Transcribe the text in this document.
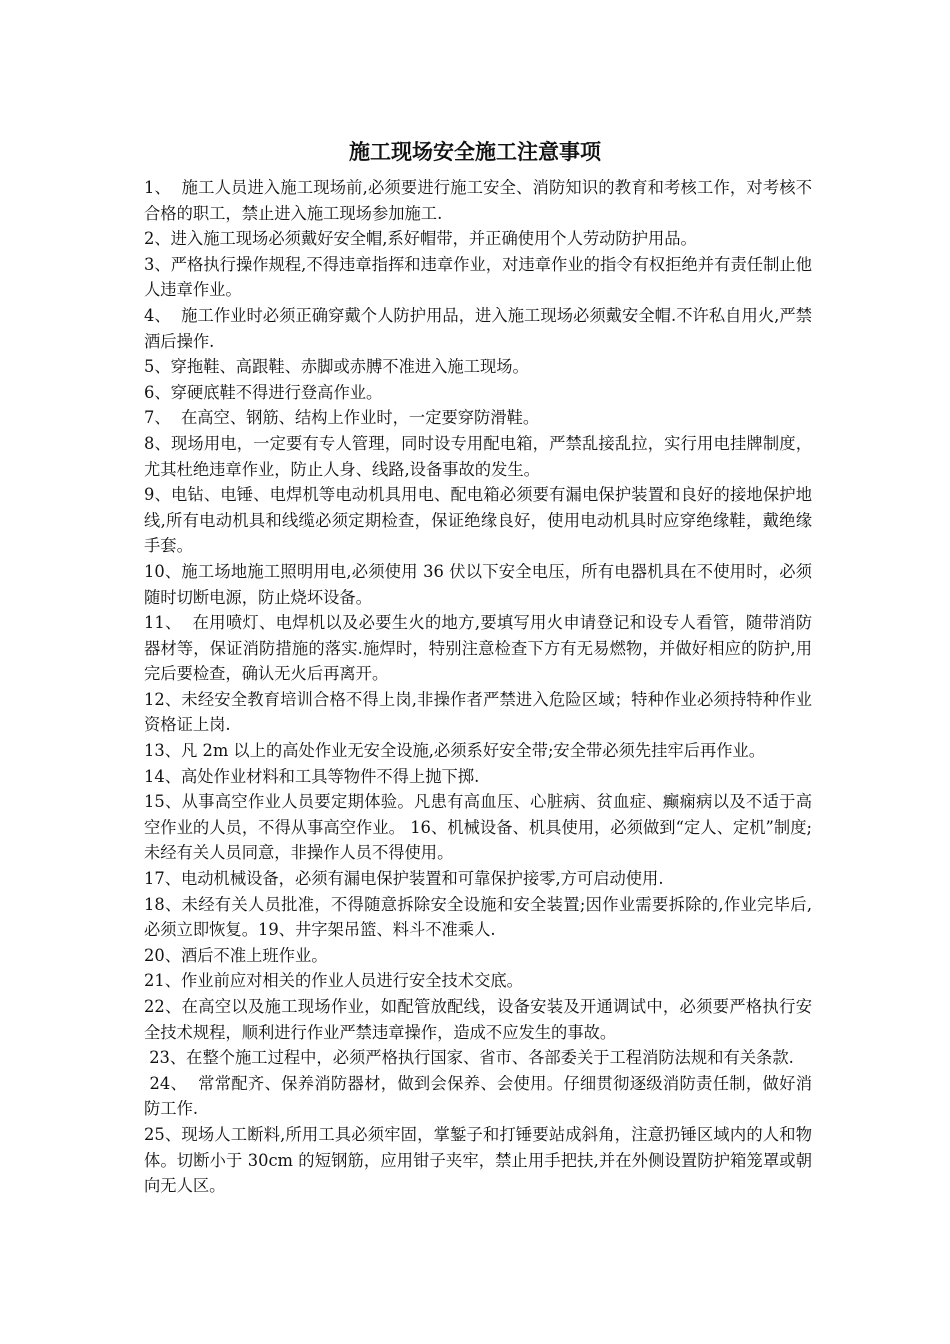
施工现场安全施工注意事项

1、  施工人员进入施工现场前,必须要进行施工安全、消防知识的教育和考核工作，对考核不合格的职工，禁止进入施工现场参加施工.

2、进入施工现场必须戴好安全帽,系好帽带，并正确使用个人劳动防护用品。

3、严格执行操作规程,不得违章指挥和违章作业，对违章作业的指令有权拒绝并有责任制止他人违章作业。

4、  施工作业时必须正确穿戴个人防护用品，进入施工现场必须戴安全帽.不许私自用火,严禁酒后操作.

5、穿拖鞋、高跟鞋、赤脚或赤膊不准进入施工现场。

6、穿硬底鞋不得进行登高作业。

7、  在高空、钢筋、结构上作业时，一定要穿防滑鞋。

8、现场用电，一定要有专人管理，同时设专用配电箱，严禁乱接乱拉，实行用电挂牌制度，尤其杜绝违章作业，防止人身、线路,设备事故的发生。

9、电钻、电锤、电焊机等电动机具用电、配电箱必须要有漏电保护装置和良好的接地保护地线,所有电动机具和线缆必须定期检查，保证绝缘良好，使用电动机具时应穿绝缘鞋，戴绝缘手套。

10、施工场地施工照明用电,必须使用 36 伏以下安全电压，所有电器机具在不使用时，必须随时切断电源，防止烧坏设备。

11、  在用喷灯、电焊机以及必要生火的地方,要填写用火申请登记和设专人看管，随带消防器材等，保证消防措施的落实.施焊时，特别注意检查下方有无易燃物，并做好相应的防护,用完后要检查，确认无火后再离开。

12、未经安全教育培训合格不得上岗,非操作者严禁进入危险区域；特种作业必须持特种作业资格证上岗.

13、凡 2m 以上的高处作业无安全设施,必须系好安全带;安全带必须先挂牢后再作业。

14、高处作业材料和工具等物件不得上抛下掷.

15、从事高空作业人员要定期体验。凡患有高血压、心脏病、贫血症、癫痫病以及不适于高空作业的人员，不得从事高空作业。 16、机械设备、机具使用，必须做到“定人、定机”制度;未经有关人员同意，非操作人员不得使用。

17、电动机械设备，必须有漏电保护装置和可靠保护接零,方可启动使用.

18、未经有关人员批准，不得随意拆除安全设施和安全装置;因作业需要拆除的,作业完毕后,必须立即恢复。19、井字架吊篮、料斗不准乘人.

20、酒后不准上班作业。

21、作业前应对相关的作业人员进行安全技术交底。

22、在高空以及施工现场作业，如配管放配线，设备安装及开通调试中，必须要严格执行安全技术规程，顺利进行作业严禁违章操作，造成不应发生的事故。

23、在整个施工过程中，必须严格执行国家、省市、各部委关于工程消防法规和有关条款.

24、  常常配齐、保养消防器材，做到会保养、会使用。仔细贯彻逐级消防责任制，做好消防工作.

25、现场人工断料,所用工具必须牢固，掌錾子和打锤要站成斜角，注意扔锤区域内的人和物体。切断小于 30cm 的短钢筋，应用钳子夹牢，禁止用手把扶,并在外侧设置防护箱笼罩或朝向无人区。
